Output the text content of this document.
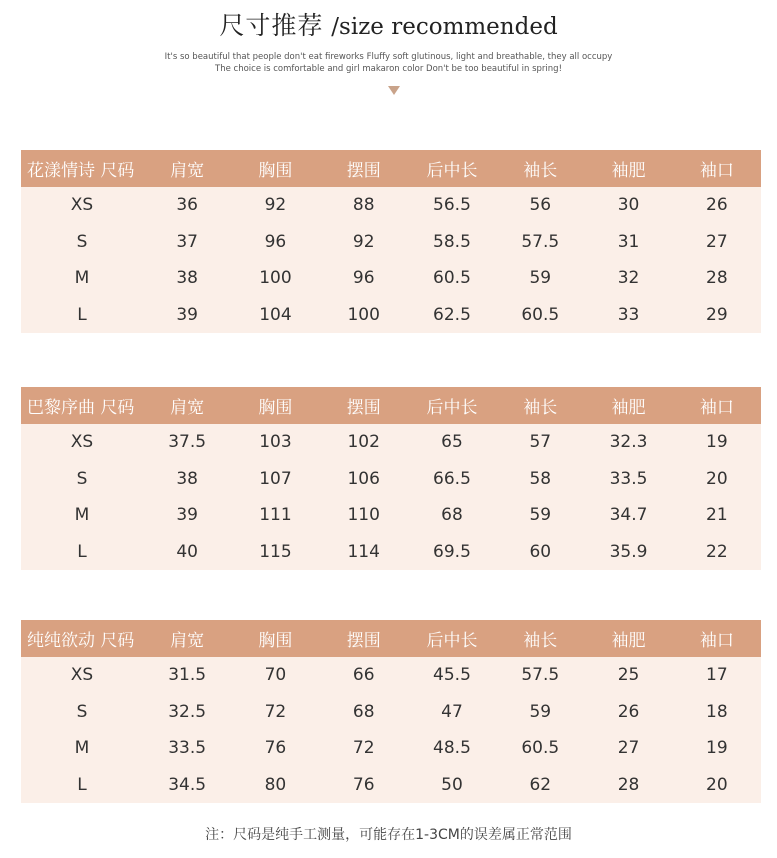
尺寸推荐 /size recommended
It's so beautiful that people don't eat fireworks Fluffy soft glutinous, light and breathable, they all occupy
The choice is comfortable and girl makaron color Don't be too beautiful in spring!
花漾情诗 尺码	肩宽	胸围	摆围	后中长	袖长	袖肥	袖口
XS	36	92	88	56.5	56	30	26
S	37	96	92	58.5	57.5	31	27
M	38	100	96	60.5	59	32	28
L	39	104	100	62.5	60.5	33	29
巴黎序曲 尺码	肩宽	胸围	摆围	后中长	袖长	袖肥	袖口
XS	37.5	103	102	65	57	32.3	19
S	38	107	106	66.5	58	33.5	20
M	39	111	110	68	59	34.7	21
L	40	115	114	69.5	60	35.9	22
纯纯欲动 尺码	肩宽	胸围	摆围	后中长	袖长	袖肥	袖口
XS	31.5	70	66	45.5	57.5	25	17
S	32.5	72	68	47	59	26	18
M	33.5	76	72	48.5	60.5	27	19
L	34.5	80	76	50	62	28	20
注：尺码是纯手工测量，可能存在1-3CM的误差属正常范围
